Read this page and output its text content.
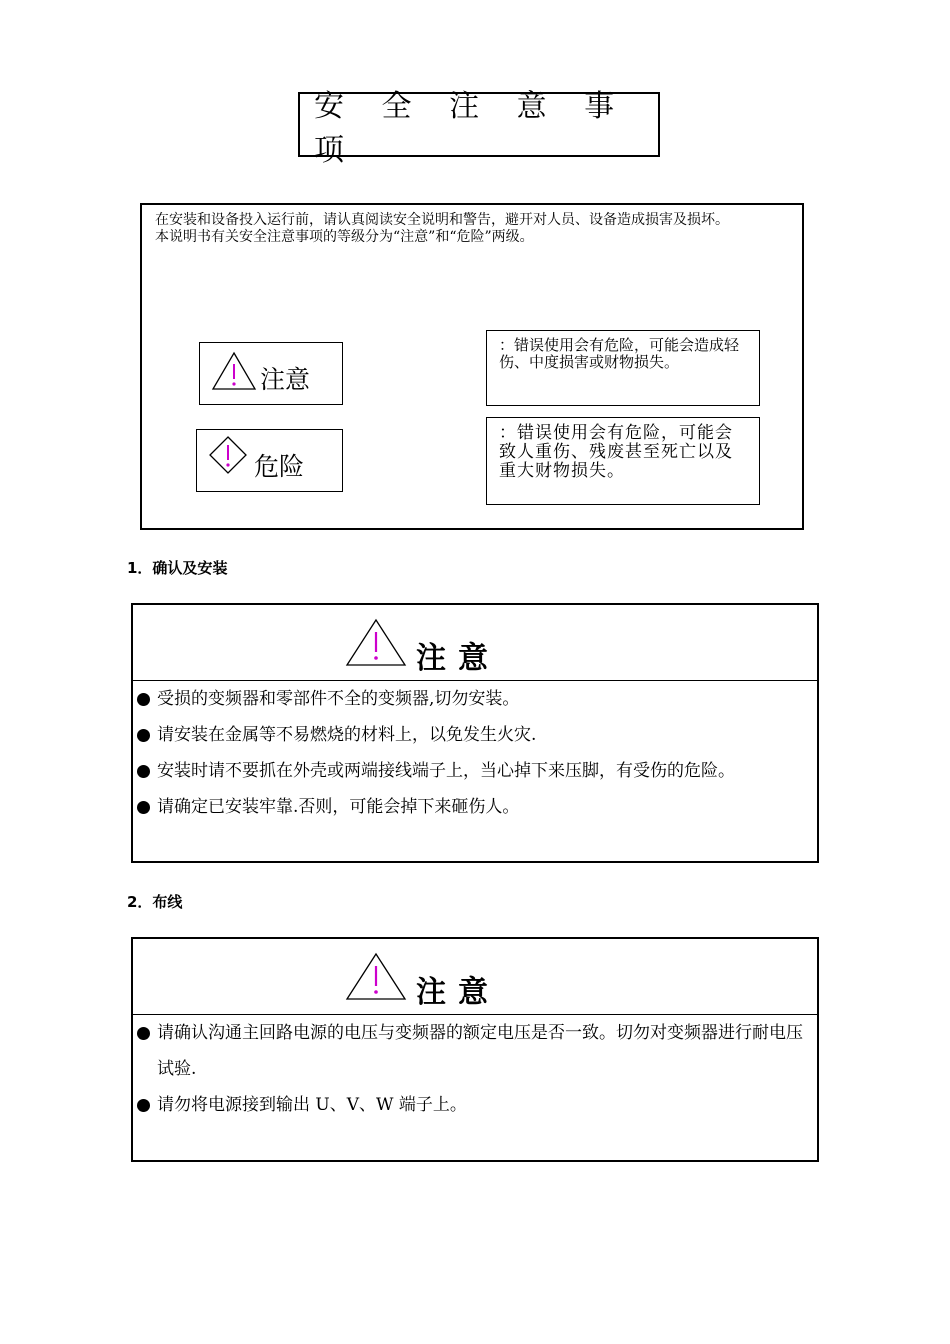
安 全 注 意 事 项

在安装和设备投入运行前，请认真阅读安全说明和警告，避开对人员、设备造成损害及损坏。

本说明书有关安全注意事项的等级分为“注意”和“危险”两级。

注意
危险
：错误使用会有危险，可能会造成轻伤、中度损害或财物损失。
：错误使用会有危险，可能会致人重伤、残废甚至死亡以及重大财物损失。
1．确认及安装
注意
受损的变频器和零部件不全的变频器,切勿安装。
请安装在金属等不易燃烧的材料上，以免发生火灾.
安装时请不要抓在外壳或两端接线端子上，当心掉下来压脚，有受伤的危险。
请确定已安装牢靠.否则，可能会掉下来砸伤人。
2．布线
注意
请确认沟通主回路电源的电压与变频器的额定电压是否一致。切勿对变频器进行耐电压试验.
请勿将电源接到输出 U、V、W 端子上。
